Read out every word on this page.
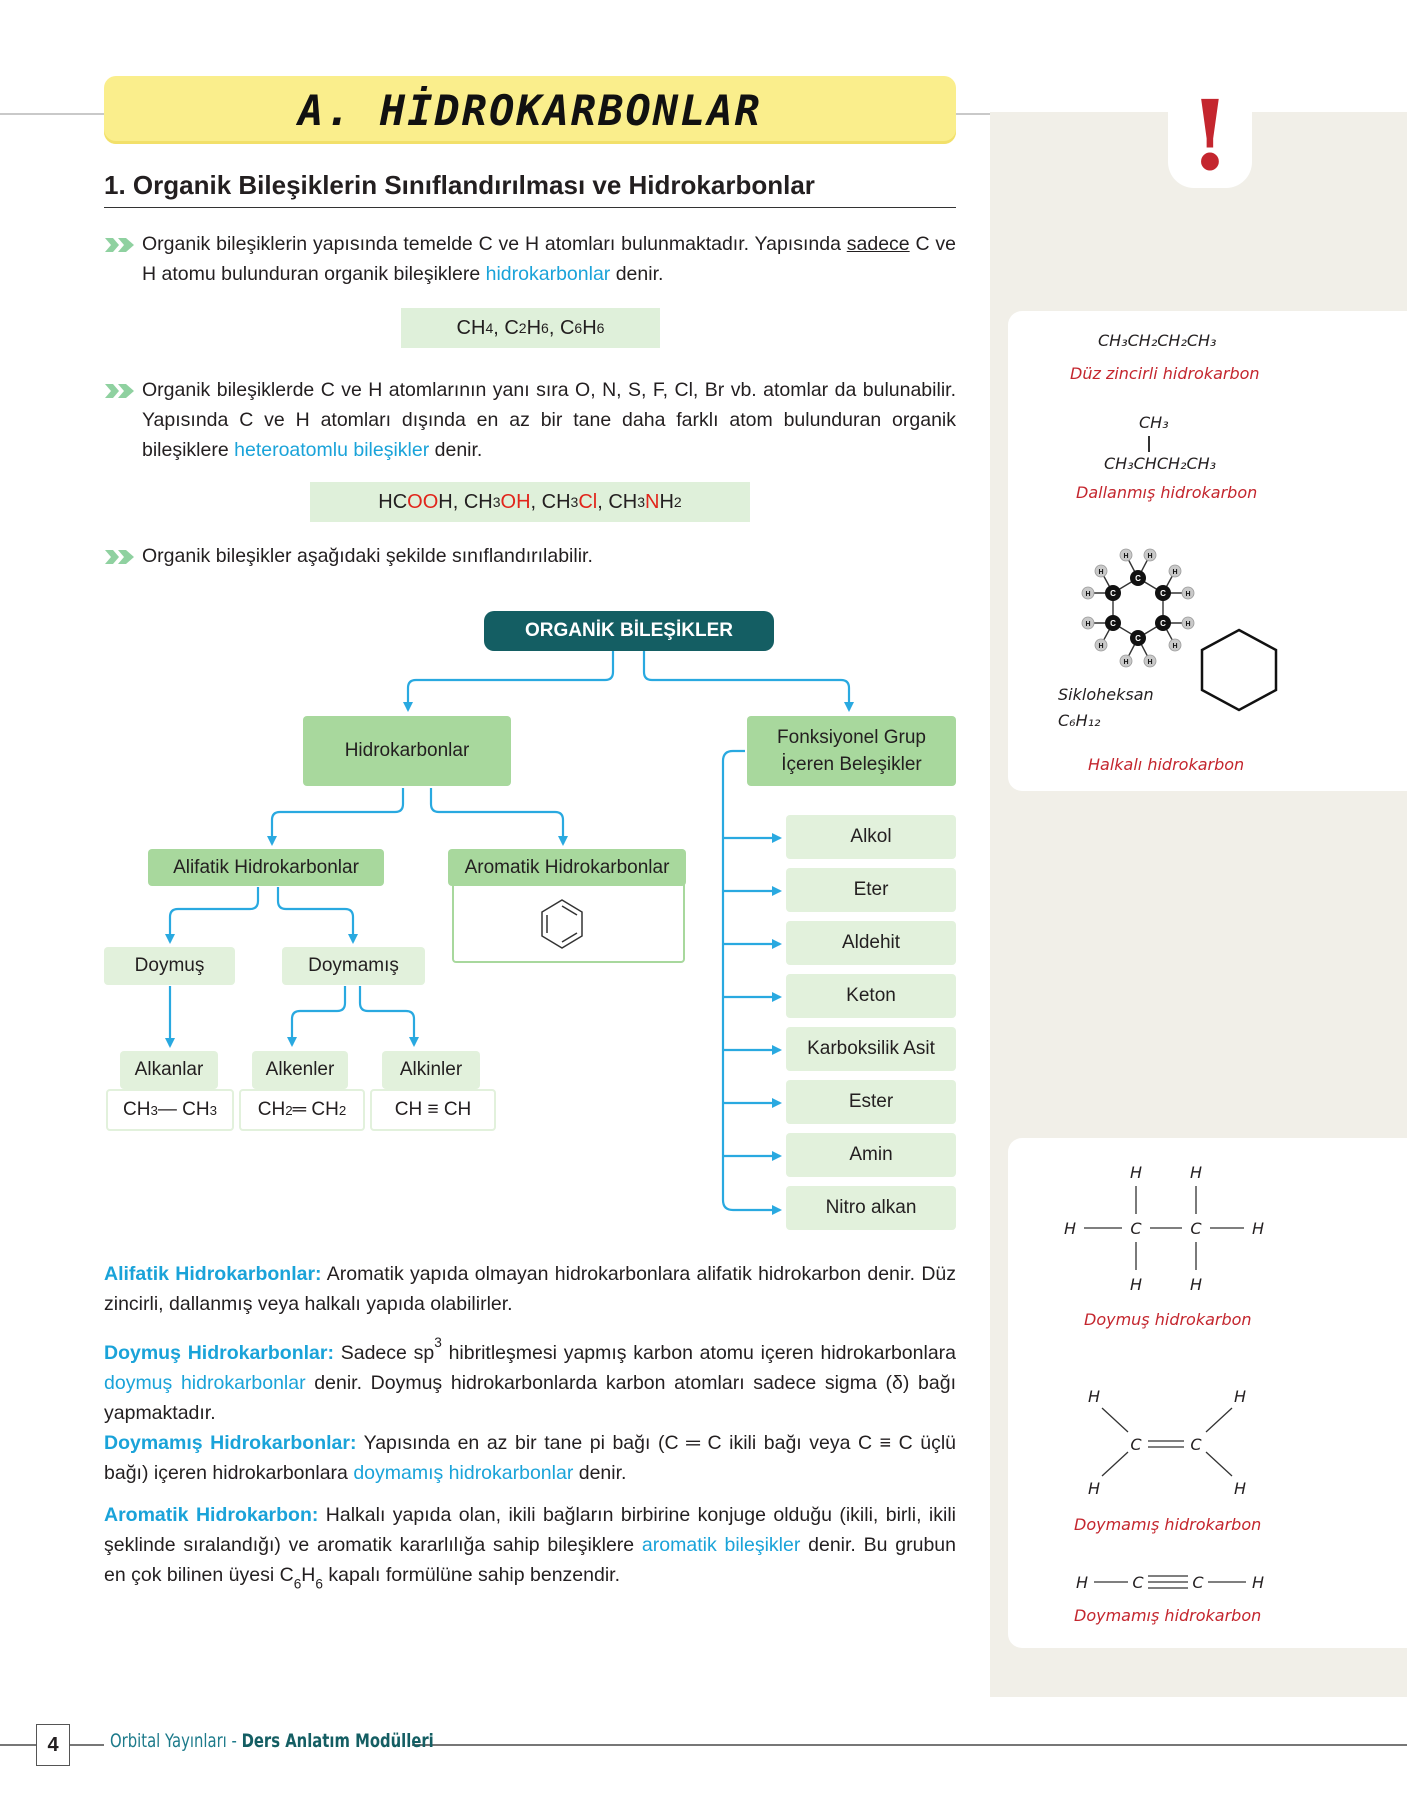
!
A. HİDROKARBONLAR
1. Organik Bileşiklerin Sınıflandırılması ve Hidrokarbonlar
Organik bileşiklerin yapısında temelde C ve H atomları bulunmaktadır. Yapısında sadece C ve H atomu bulunduran organik bileşiklere hidrokarbonlar denir.
CH 4 , C 2 H 6 , C 6 H 6
Organik bileşiklerde C ve H atomlarının yanı sıra O, N, S, F, Cl, Br vb. atomlar da bulunabilir. Yapısında C ve H atomları dışında en az bir tane daha farklı atom bulunduran organik bileşiklere heteroatomlu bileşikler denir.
HC OO H, CH 3 OH , CH 3 Cl , CH 3 N H 2
Organik bileşikler aşağıdaki şekilde sınıflandırılabilir.
ORGANİK BİLEŞİKLER
Hidrokarbonlar
Fonksiyonel Grup
İçeren Beleşikler
Alifatik Hidrokarbonlar	Aromatik Hidrokarbonlar
Doymuş	Doymamış
Alkanlar	Alkenler	Alkinler
CH 3 — CH 3 CH 2 ═ CH 2	CH ≡ CH
Alkol
Eter
Aldehit
Keton
Karboksilik Asit
Ester
Amin
Nitro alkan
Alifatik Hidrokarbonlar: Aromatik yapıda olmayan hidrokarbonlara alifatik hidrokarbon denir. Düz zincirli, dallanmış veya halkalı yapıda olabilirler.
Doymuş Hidrokarbonlar: Sadece $sp^3$ hibritleşmesi yapmış karbon atomu içeren hidrokarbonlara doymuş hidrokarbonlar denir. Doymuş hidrokarbonlarda karbon atomları sadece sigma (δ) bağı yapmaktadır.
Doymamış Hidrokarbonlar: Yapısında en az bir tane pi bağı (C ═ C ikili bağı veya C ≡ C üçlü bağı) içeren hidrokarbonlara doymamış hidrokarbonlar denir.
Aromatik Hidrokarbon: Halkalı yapıda olan, ikili bağların birbirine konjuge olduğu (ikili, birli, ikili şeklinde sıralandığı) ve aromatik kararlılığa sahip bileşiklere aromatik bileşikler denir. Bu grubun en çok bilinen üyesi $C_6H_6$ kapalı formülüne sahip benzendir.
CH₃CH₂CH₂CH₃
Düz zincirli hidrokarbon
CH₃
CH₃CHCH₂CH₃
Dallanmış hidrokarbon
C
C
C
C
C
C
H	H
H
H
H
H
H	H
H
H
H
H
Sikloheksan
C₆H₁₂
Halkalı hidrokarbon
H	H
H	C	C	H
H	H
Doymuş hidrokarbon
H	H
C	C
H	H
Doymamış hidrokarbon
H	C	C	H
Doymamış hidrokarbon
4	Orbital Yayınları - Ders Anlatım Modülleri
